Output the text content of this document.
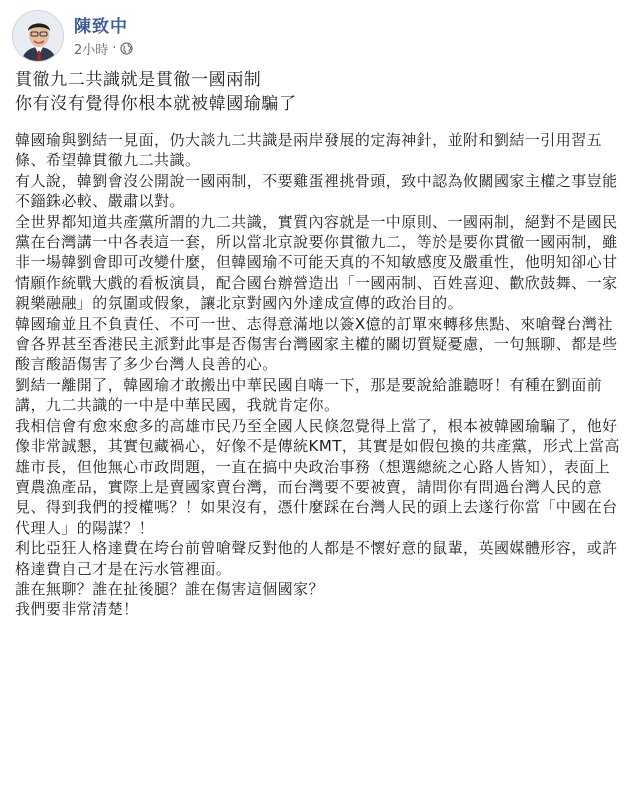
陳致中
2小時 ·

貫徹九二共識就是貫徹一國兩制

你有沒有覺得你根本就被韓國瑜騙了

韓國瑜與劉結一見面，仍大談九二共識是兩岸發展的定海神針，並附和劉結一引用習五條、希望韓貫徹九二共識。

有人說，韓劉會沒公開說一國兩制，不要雞蛋裡挑骨頭，致中認為攸關國家主權之事豈能不錙銖必較、嚴肅以對。

全世界都知道共產黨所謂的九二共識，實質內容就是一中原則、一國兩制，絕對不是國民黨在台灣講一中各表這一套，所以當北京說要你貫徹九二，等於是要你貫徹一國兩制，雖非一場韓劉會即可改變什麼，但韓國瑜不可能天真的不知敏感度及嚴重性，他明知卻心甘情願作統戰大戲的看板演員，配合國台辦營造出「一國兩制、百姓喜迎、歡欣鼓舞、一家親樂融融」的氛圍或假象，讓北京對國內外達成宣傳的政治目的。

韓國瑜並且不負責任、不可一世、志得意滿地以簽X億的訂單來轉移焦點、來嗆聲台灣社會各界甚至香港民主派對此事是否傷害台灣國家主權的關切質疑憂慮，一句無聊、都是些酸言酸語傷害了多少台灣人良善的心。

劉結一離開了，韓國瑜才敢搬出中華民國自嗨一下，那是要說給誰聽呀！有種在劉面前講，九二共識的一中是中華民國，我就肯定你。

我相信會有愈來愈多的高雄市民乃至全國人民倏忽覺得上當了，根本被韓國瑜騙了，他好像非常誠懇，其實包藏禍心，好像不是傳統KMT，其實是如假包換的共產黨，形式上當高雄市長，但他無心市政問題，一直在搞中央政治事務（想選總統之心路人皆知），表面上賣農漁產品，實際上是賣國家賣台灣，而台灣要不要被賣，請問你有問過台灣人民的意見、得到我們的授權嗎？！如果沒有，憑什麼踩在台灣人民的頭上去遂行你當「中國在台代理人」的陽謀？！

利比亞狂人格達費在垮台前曾嗆聲反對他的人都是不懷好意的鼠輩，英國媒體形容，或許格達費自己才是在污水管裡面。

誰在無聊？誰在扯後腿？誰在傷害這個國家？

我們要非常清楚！
